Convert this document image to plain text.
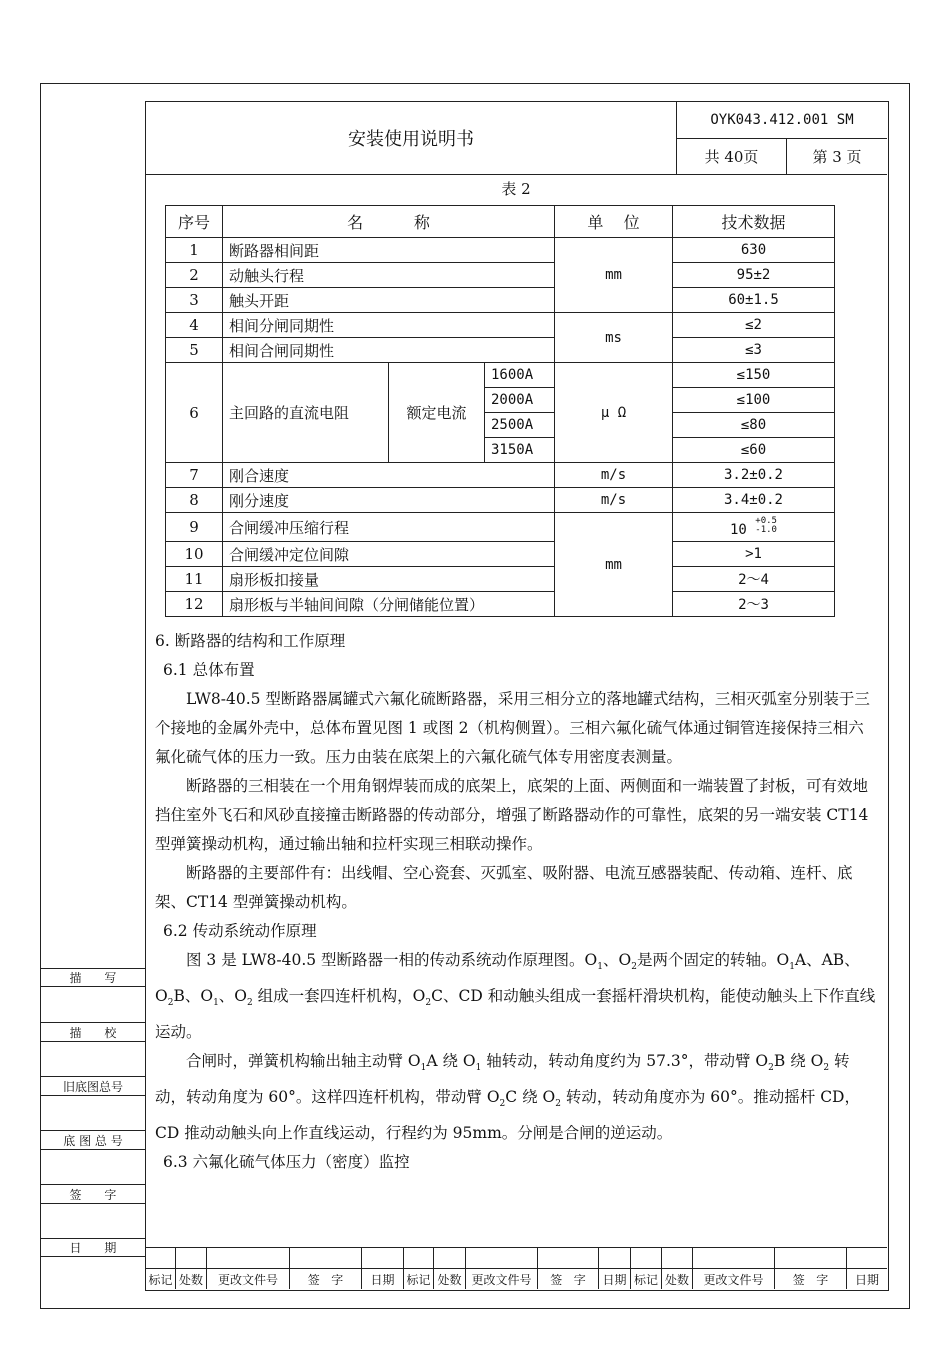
安装使用说明书
OYK043.412.001 SM
共 40页	第 3 页
表 2
序号	名          称			单    位	技术数据
1	断路器相间距			mm	630
2	动触头行程				95±2
3	触头开距				60±1.5
4	相间分闸同期性			ms	≤2
5	相间合闸同期性				≤3
6	主回路的直流电阻	额定电流	1600A	μ Ω	≤150
			2000A		≤100
			2500A		≤80
			3150A		≤60
7	刚合速度			m/s	3.2±0.2
8	刚分速度			m/s	3.4±0.2
9	合闸缓冲压缩行程			mm	10 +0.5
-1.0
10	合闸缓冲定位间隙				>1
11	扇形板扣接量				2～4
12	扇形板与半轴间间隙（分闸储能位置）				2～3

6. 断路器的结构和工作原理

6.1 总体布置

LW8-40.5 型断路器属罐式六氟化硫断路器，采用三相分立的落地罐式结构，三相灭弧室分别装于三个接地的金属外壳中，总体布置见图 1 或图 2（机构侧置）。三相六氟化硫气体通过铜管连接保持三相六氟化硫气体的压力一致。压力由装在底架上的六氟化硫气体专用密度表测量。

断路器的三相装在一个用角钢焊装而成的底架上，底架的上面、两侧面和一端装置了封板，可有效地挡住室外飞石和风砂直接撞击断路器的传动部分，增强了断路器动作的可靠性，底架的另一端安装 CT14 型弹簧操动机构，通过输出轴和拉杆实现三相联动操作。

断路器的主要部件有：出线帽、空心瓷套、灭弧室、吸附器、电流互感器装配、传动箱、连杆、底架、CT14 型弹簧操动机构。

6.2 传动系统动作原理

图 3 是 LW8-40.5 型断路器一相的传动系统动作原理图。$O_1$、$O_2$是两个固定的转轴。$O_1A$、AB、$O_2B$、$O_1$、$O_2$ 组成一套四连杆机构，$O_2C$、CD 和动触头组成一套摇杆滑块机构，能使动触头上下作直线运动。

合闸时，弹簧机构输出轴主动臂 $O_1A$ 绕 $O_1$ 轴转动，转动角度约为 57.3°，带动臂 $O_2B$ 绕 $O_2$ 转动，转动角度为 60°。这样四连杆机构，带动臂 $O_2C$ 绕 $O_2$ 转动，转动角度亦为 60°。推动摇杆 CD，CD 推动动触头向上作直线运动，行程约为 95mm。分闸是合闸的逆运动。

6.3 六氟化硫气体压力（密度）监控

描      写
描      校
旧底图总号
底 图 总 号
签      字
日      期
标记 处数	更改文件号	签   字	日期 标记 处数 更改文件号	签   字	日期 标记 处数	更改文件号	签   字	日期
